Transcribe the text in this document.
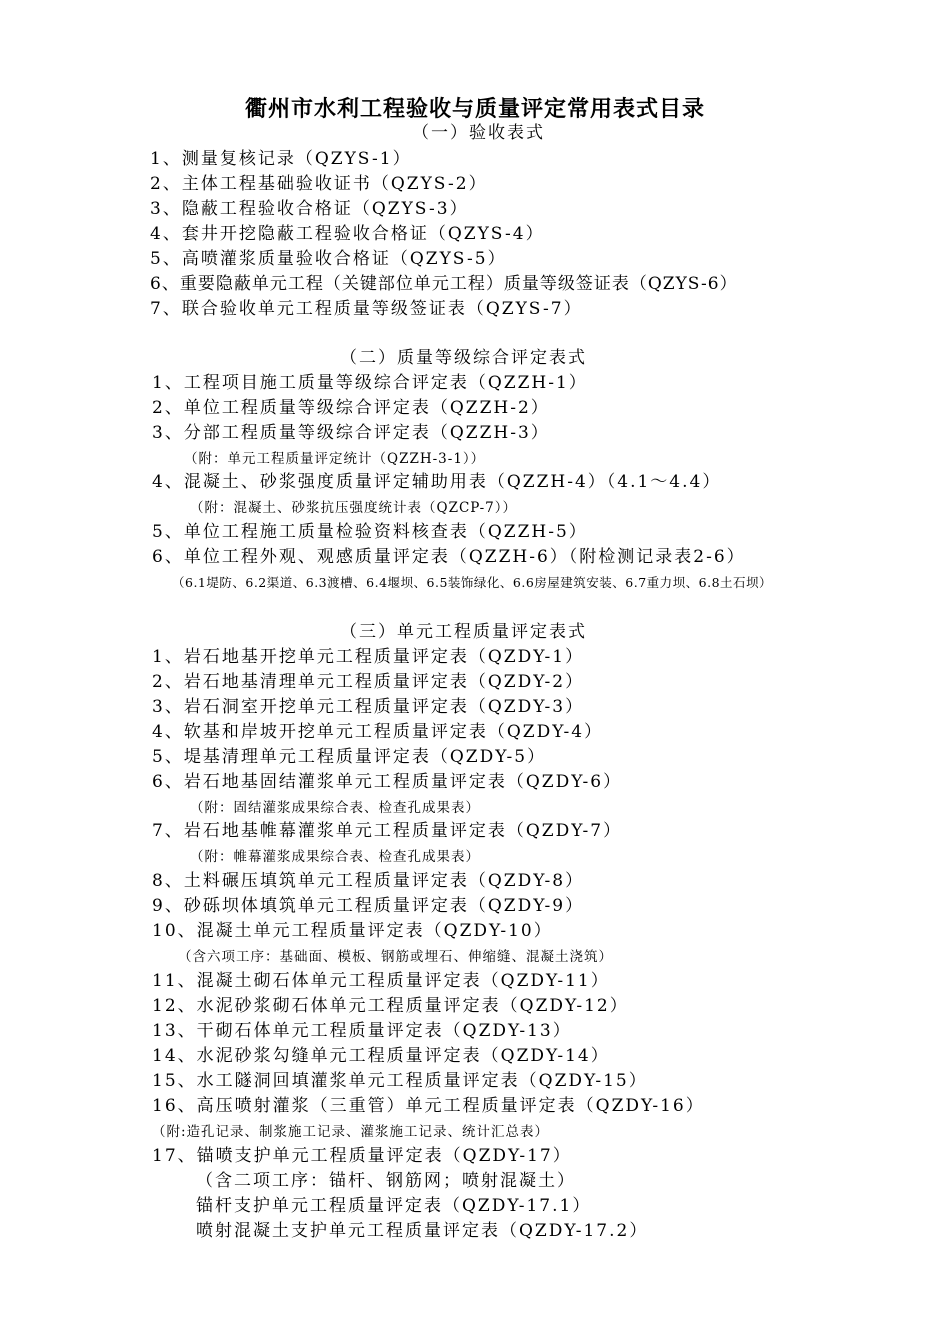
衢州市水利工程验收与质量评定常用表式目录
（一）验收表式
1、测量复核记录（QZYS-1）
2、主体工程基础验收证书（QZYS-2）
3、隐蔽工程验收合格证（QZYS-3）
4、套井开挖隐蔽工程验收合格证（QZYS-4）
5、高喷灌浆质量验收合格证（QZYS-5）
6、重要隐蔽单元工程（关键部位单元工程）质量等级签证表（QZYS-6）
7、联合验收单元工程质量等级签证表（QZYS-7）
（二）质量等级综合评定表式
1、工程项目施工质量等级综合评定表（QZZH-1）
2、单位工程质量等级综合评定表（QZZH-2）
3、分部工程质量等级综合评定表（QZZH-3）
（附：单元工程质量评定统计（QZZH-3-1））
4、混凝土、砂浆强度质量评定辅助用表（QZZH-4）（4.1～4.4）
（附：混凝土、砂浆抗压强度统计表（QZCP-7））
5、单位工程施工质量检验资料核查表（QZZH-5）
6、单位工程外观、观感质量评定表（QZZH-6）（附检测记录表2-6）
（6.1堤防、6.2渠道、6.3渡槽、6.4堰坝、6.5装饰绿化、6.6房屋建筑安装、6.7重力坝、6.8土石坝）
（三）单元工程质量评定表式
1、岩石地基开挖单元工程质量评定表（QZDY-1）
2、岩石地基清理单元工程质量评定表（QZDY-2）
3、岩石洞室开挖单元工程质量评定表（QZDY-3）
4、软基和岸坡开挖单元工程质量评定表（QZDY-4）
5、堤基清理单元工程质量评定表（QZDY-5）
6、岩石地基固结灌浆单元工程质量评定表（QZDY-6）
（附：固结灌浆成果综合表、检查孔成果表）
7、岩石地基帷幕灌浆单元工程质量评定表（QZDY-7）
（附：帷幕灌浆成果综合表、检查孔成果表）
8、土料碾压填筑单元工程质量评定表（QZDY-8）
9、砂砾坝体填筑单元工程质量评定表（QZDY-9）
10、混凝土单元工程质量评定表（QZDY-10）
（含六项工序：基础面、模板、钢筋或埋石、伸缩缝、混凝土浇筑）
11、混凝土砌石体单元工程质量评定表（QZDY-11）
12、水泥砂浆砌石体单元工程质量评定表（QZDY-12）
13、干砌石体单元工程质量评定表（QZDY-13）
14、水泥砂浆勾缝单元工程质量评定表（QZDY-14）
15、水工隧洞回填灌浆单元工程质量评定表（QZDY-15）
16、高压喷射灌浆（三重管）单元工程质量评定表（QZDY-16）
（附:造孔记录、制浆施工记录、灌浆施工记录、统计汇总表）
17、锚喷支护单元工程质量评定表（QZDY-17）
（含二项工序：锚杆、钢筋网；喷射混凝土）
锚杆支护单元工程质量评定表（QZDY-17.1）
喷射混凝土支护单元工程质量评定表（QZDY-17.2）
